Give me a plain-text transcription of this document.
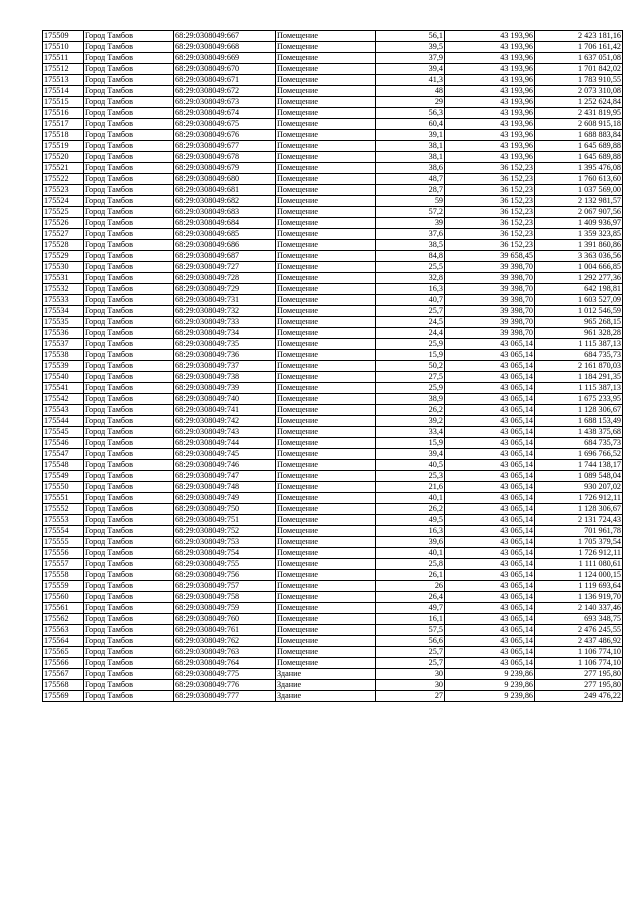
175509	Город Тамбов	68:29:0308049:667	Помещение	56,1	43 193,96	2 423 181,16
175510	Город Тамбов	68:29:0308049:668	Помещение	39,5	43 193,96	1 706 161,42
175511	Город Тамбов	68:29:0308049:669	Помещение	37,9	43 193,96	1 637 051,08
175512	Город Тамбов	68:29:0308049:670	Помещение	39,4	43 193,96	1 701 842,02
175513	Город Тамбов	68:29:0308049:671	Помещение	41,3	43 193,96	1 783 910,55
175514	Город Тамбов	68:29:0308049:672	Помещение	48	43 193,96	2 073 310,08
175515	Город Тамбов	68:29:0308049:673	Помещение	29	43 193,96	1 252 624,84
175516	Город Тамбов	68:29:0308049:674	Помещение	56,3	43 193,96	2 431 819,95
175517	Город Тамбов	68:29:0308049:675	Помещение	60,4	43 193,96	2 608 915,18
175518	Город Тамбов	68:29:0308049:676	Помещение	39,1	43 193,96	1 688 883,84
175519	Город Тамбов	68:29:0308049:677	Помещение	38,1	43 193,96	1 645 689,88
175520	Город Тамбов	68:29:0308049:678	Помещение	38,1	43 193,96	1 645 689,88
175521	Город Тамбов	68:29:0308049:679	Помещение	38,6	36 152,23	1 395 476,08
175522	Город Тамбов	68:29:0308049:680	Помещение	48,7	36 152,23	1 760 613,60
175523	Город Тамбов	68:29:0308049:681	Помещение	28,7	36 152,23	1 037 569,00
175524	Город Тамбов	68:29:0308049:682	Помещение	59	36 152,23	2 132 981,57
175525	Город Тамбов	68:29:0308049:683	Помещение	57,2	36 152,23	2 067 907,56
175526	Город Тамбов	68:29:0308049:684	Помещение	39	36 152,23	1 409 936,97
175527	Город Тамбов	68:29:0308049:685	Помещение	37,6	36 152,23	1 359 323,85
175528	Город Тамбов	68:29:0308049:686	Помещение	38,5	36 152,23	1 391 860,86
175529	Город Тамбов	68:29:0308049:687	Помещение	84,8	39 658,45	3 363 036,56
175530	Город Тамбов	68:29:0308049:727	Помещение	25,5	39 398,70	1 004 666,85
175531	Город Тамбов	68:29:0308049:728	Помещение	32,8	39 398,70	1 292 277,36
175532	Город Тамбов	68:29:0308049:729	Помещение	16,3	39 398,70	642 198,81
175533	Город Тамбов	68:29:0308049:731	Помещение	40,7	39 398,70	1 603 527,09
175534	Город Тамбов	68:29:0308049:732	Помещение	25,7	39 398,70	1 012 546,59
175535	Город Тамбов	68:29:0308049:733	Помещение	24,5	39 398,70	965 268,15
175536	Город Тамбов	68:29:0308049:734	Помещение	24,4	39 398,70	961 328,28
175537	Город Тамбов	68:29:0308049:735	Помещение	25,9	43 065,14	1 115 387,13
175538	Город Тамбов	68:29:0308049:736	Помещение	15,9	43 065,14	684 735,73
175539	Город Тамбов	68:29:0308049:737	Помещение	50,2	43 065,14	2 161 870,03
175540	Город Тамбов	68:29:0308049:738	Помещение	27,5	43 065,14	1 184 291,35
175541	Город Тамбов	68:29:0308049:739	Помещение	25,9	43 065,14	1 115 387,13
175542	Город Тамбов	68:29:0308049:740	Помещение	38,9	43 065,14	1 675 233,95
175543	Город Тамбов	68:29:0308049:741	Помещение	26,2	43 065,14	1 128 306,67
175544	Город Тамбов	68:29:0308049:742	Помещение	39,2	43 065,14	1 688 153,49
175545	Город Тамбов	68:29:0308049:743	Помещение	33,4	43 065,14	1 438 375,68
175546	Город Тамбов	68:29:0308049:744	Помещение	15,9	43 065,14	684 735,73
175547	Город Тамбов	68:29:0308049:745	Помещение	39,4	43 065,14	1 696 766,52
175548	Город Тамбов	68:29:0308049:746	Помещение	40,5	43 065,14	1 744 138,17
175549	Город Тамбов	68:29:0308049:747	Помещение	25,3	43 065,14	1 089 548,04
175550	Город Тамбов	68:29:0308049:748	Помещение	21,6	43 065,14	930 207,02
175551	Город Тамбов	68:29:0308049:749	Помещение	40,1	43 065,14	1 726 912,11
175552	Город Тамбов	68:29:0308049:750	Помещение	26,2	43 065,14	1 128 306,67
175553	Город Тамбов	68:29:0308049:751	Помещение	49,5	43 065,14	2 131 724,43
175554	Город Тамбов	68:29:0308049:752	Помещение	16,3	43 065,14	701 961,78
175555	Город Тамбов	68:29:0308049:753	Помещение	39,6	43 065,14	1 705 379,54
175556	Город Тамбов	68:29:0308049:754	Помещение	40,1	43 065,14	1 726 912,11
175557	Город Тамбов	68:29:0308049:755	Помещение	25,8	43 065,14	1 111 080,61
175558	Город Тамбов	68:29:0308049:756	Помещение	26,1	43 065,14	1 124 000,15
175559	Город Тамбов	68:29:0308049:757	Помещение	26	43 065,14	1 119 693,64
175560	Город Тамбов	68:29:0308049:758	Помещение	26,4	43 065,14	1 136 919,70
175561	Город Тамбов	68:29:0308049:759	Помещение	49,7	43 065,14	2 140 337,46
175562	Город Тамбов	68:29:0308049:760	Помещение	16,1	43 065,14	693 348,75
175563	Город Тамбов	68:29:0308049:761	Помещение	57,5	43 065,14	2 476 245,55
175564	Город Тамбов	68:29:0308049:762	Помещение	56,6	43 065,14	2 437 486,92
175565	Город Тамбов	68:29:0308049:763	Помещение	25,7	43 065,14	1 106 774,10
175566	Город Тамбов	68:29:0308049:764	Помещение	25,7	43 065,14	1 106 774,10
175567	Город Тамбов	68:29:0308049:775	Здание	30	9 239,86	277 195,80
175568	Город Тамбов	68:29:0308049:776	Здание	30	9 239,86	277 195,80
175569	Город Тамбов	68:29:0308049:777	Здание	27	9 239,86	249 476,22
